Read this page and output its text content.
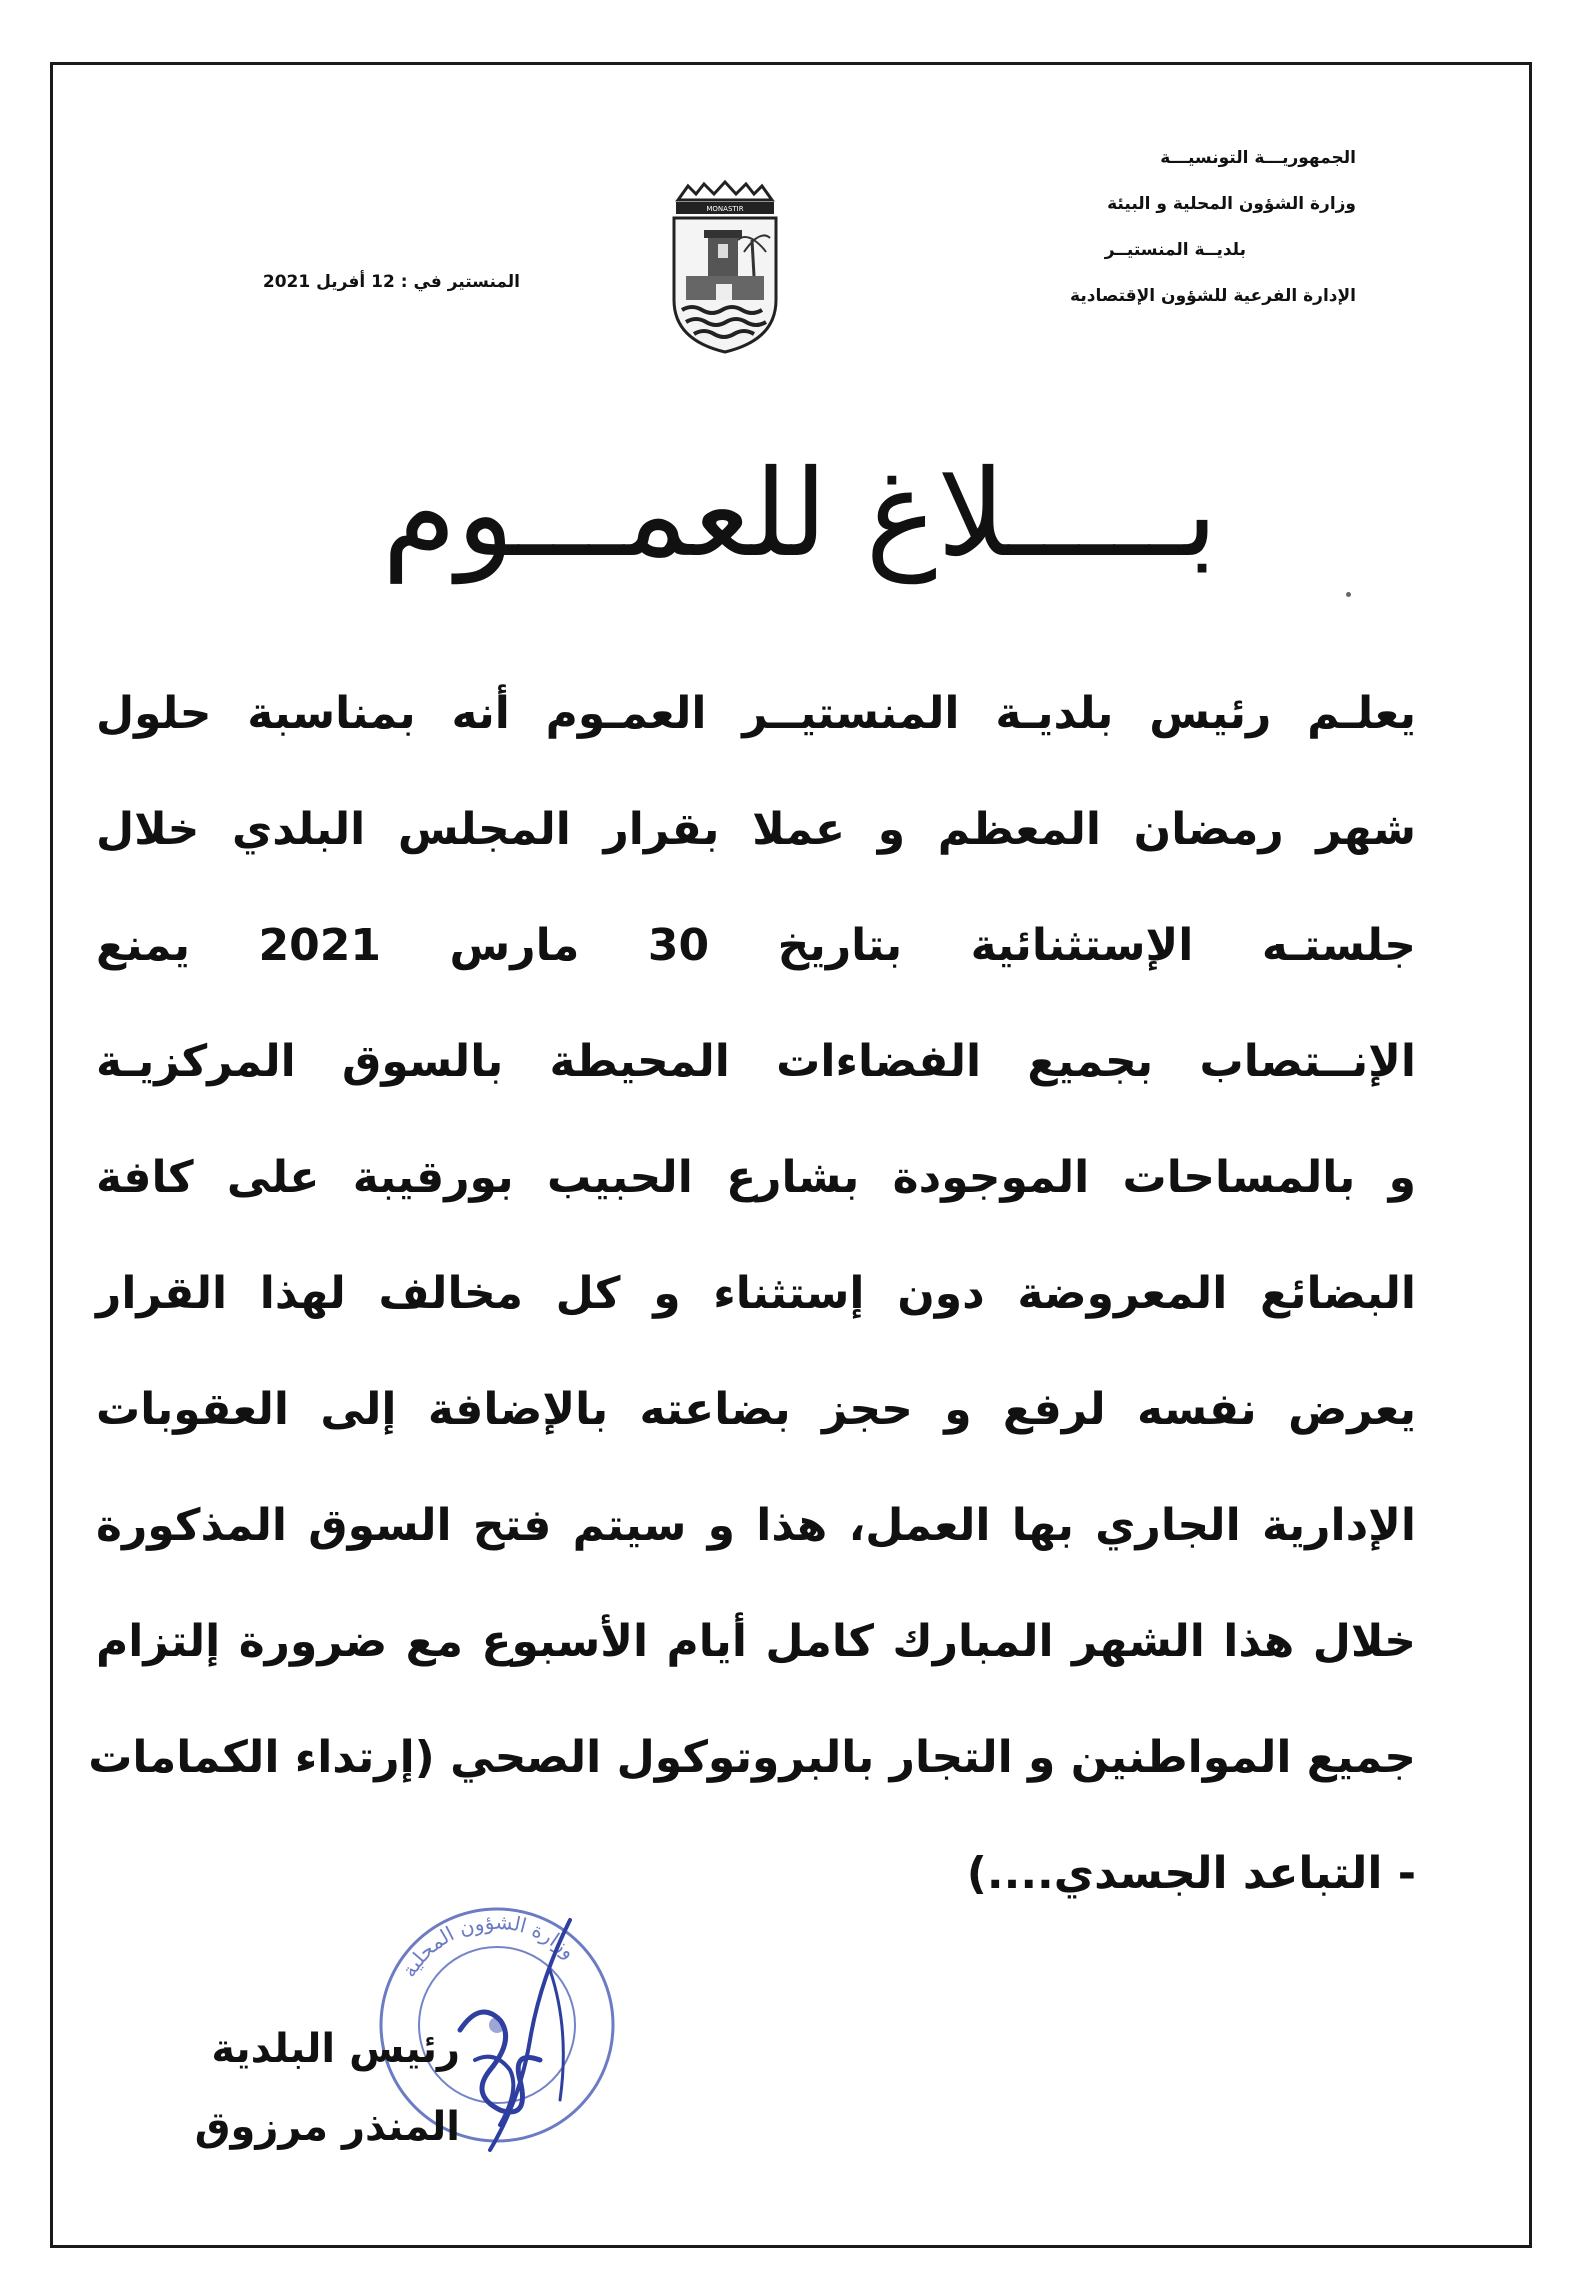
الجمهوريـــة التونسيـــة
وزارة الشؤون المحلية و البيئة
بلديــة المنستيــر
الإدارة الفرعية للشؤون الإقتصادية
MONASTIR
المنستير في : 12 أفريل 2021
بـــــلاغ للعمـــوم
يعلـم رئيس بلديـة المنستيــر العمـوم أنه بمناسبة حلول
شهر رمضان المعظم و عملا بقرار المجلس البلدي خلال
جلستـه الإستثنائية بتاريخ 30 مارس 2021 يمنع
الإنــتصاب بجميع الفضاءات المحيطة بالسوق المركزيـة
و بالمساحات الموجودة بشارع الحبيب بورقيبة على كافة
البضائع المعروضة دون إستثناء و كل مخالف لهذا القرار
يعرض نفسه لرفع و حجز بضاعته بالإضافة إلى العقوبات
الإدارية الجاري بها العمل، هذا و سيتم فتح السوق المذكورة
خلال هذا الشهر المبارك كامل أيام الأسبوع مع ضرورة إلتزام
جميع المواطنين و التجار بالبروتوكول الصحي (إرتداء الكمامات
- التباعد الجسدي....)
وزارة الشؤون المحلية
رئيس البلدية
المنذر مرزوق
